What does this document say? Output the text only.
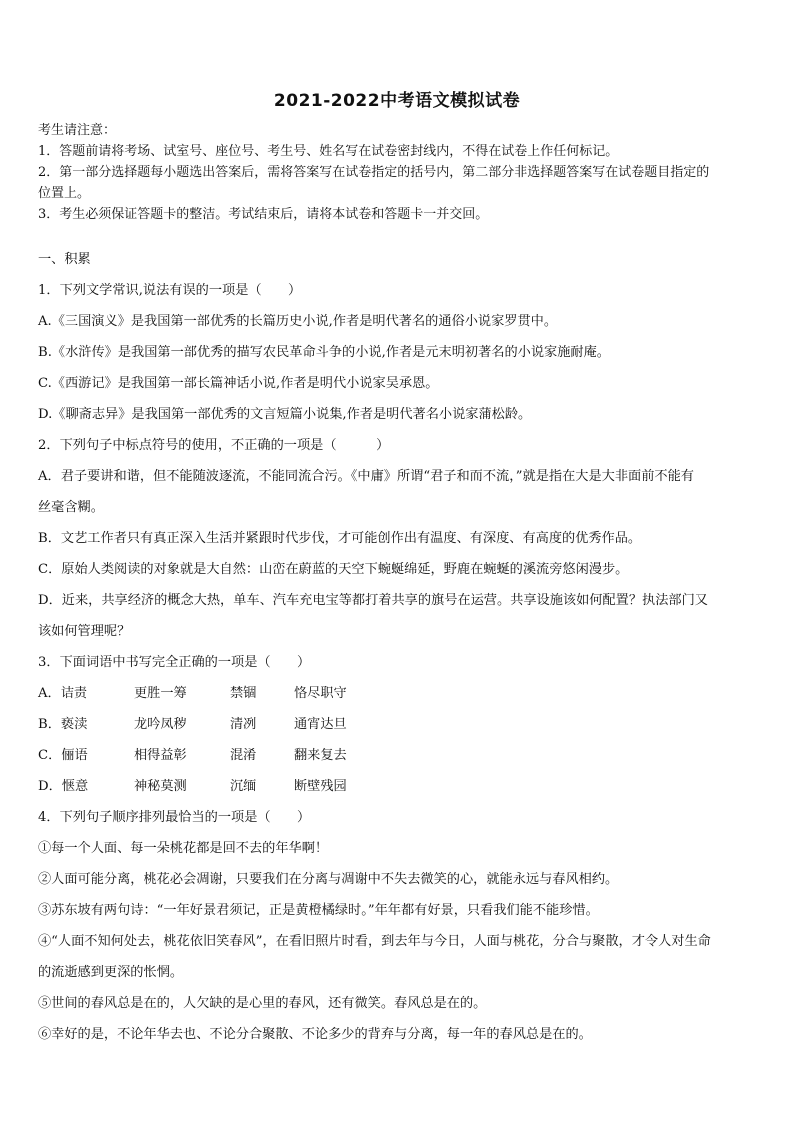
2021-2022中考语文模拟试卷
考生请注意：
1．答题前请将考场、试室号、座位号、考生号、姓名写在试卷密封线内，不得在试卷上作任何标记。
2．第一部分选择题每小题选出答案后，需将答案写在试卷指定的括号内，第二部分非选择题答案写在试卷题目指定的
位置上。
3．考生必须保证答题卡的整洁。考试结束后，请将本试卷和答题卡一并交回。
一、积累
1．下列文学常识,说法有误的一项是（　　）
A.《三国演义》是我国第一部优秀的长篇历史小说,作者是明代著名的通俗小说家罗贯中。
B.《水浒传》是我国第一部优秀的描写农民革命斗争的小说,作者是元末明初著名的小说家施耐庵。
C.《西游记》是我国第一部长篇神话小说,作者是明代小说家吴承恩。
D.《聊斋志异》是我国第一部优秀的文言短篇小说集,作者是明代著名小说家蒲松龄。
2．下列句子中标点符号的使用，不正确的一项是（　　　）
A．君子要讲和谐，但不能随波逐流，不能同流合污。《中庸》所谓“君子和而不流，”就是指在大是大非面前不能有
丝毫含糊。
B．文艺工作者只有真正深入生活并紧跟时代步伐，才可能创作出有温度、有深度、有高度的优秀作品。
C．原始人类阅读的对象就是大自然：山峦在蔚蓝的天空下蜿蜒绵延，野鹿在蜿蜒的溪流旁悠闲漫步。
D．近来，共享经济的概念大热，单车、汽车充电宝等都打着共享的旗号在运营。共享设施该如何配置？执法部门又
该如何管理呢？
3．下面词语中书写完全正确的一项是（　　）
A．诘责	更胜一筹	禁锢	恪尽职守
B．亵渎	龙吟凤秽	清冽	通宵达旦
C．俪语	相得益彰	混淆	翻来复去
D．惬意	神秘莫测	沉缅	断壁残园
4．下列句子顺序排列最恰当的一项是（　　）
①每一个人面、每一朵桃花都是回不去的年华啊！
②人面可能分离，桃花必会凋谢，只要我们在分离与凋谢中不失去微笑的心，就能永远与春风相约。
③苏东坡有两句诗：“一年好景君须记，正是黄橙橘绿时。”年年都有好景，只看我们能不能珍惜。
④“人面不知何处去，桃花依旧笑春风”，在看旧照片时看，到去年与今日，人面与桃花，分合与聚散，才令人对生命
的流逝感到更深的怅惘。
⑤世间的春风总是在的，人欠缺的是心里的春风，还有微笑。春风总是在的。
⑥幸好的是，不论年华去也、不论分合聚散、不论多少的背弃与分离，每一年的春风总是在的。
